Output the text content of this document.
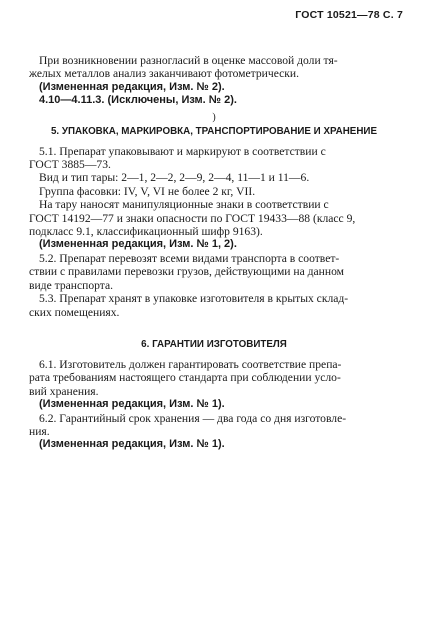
ГОСТ 10521—78 С. 7
При возникновении разногласий в оценке массовой доли тя-
желых металлов анализ заканчивают фотометрически.
(Измененная редакция, Изм. № 2).
4.10—4.11.3. (Исключены, Изм. № 2).
)
5. УПАКОВКА, МАРКИРОВКА, ТРАНСПОРТИРОВАНИЕ И ХРАНЕНИЕ
5.1. Препарат упаковывают и маркируют в соответствии с
ГОСТ 3885—73.
Вид и тип тары: 2—1, 2—2, 2—9, 2—4, 11—1 и 11—6.
Группа фасовки: IV, V, VI не более 2 кг, VII.
На тару наносят манипуляционные знаки в соответствии с
ГОСТ 14192—77 и знаки опасности по ГОСТ 19433—88 (класс 9,
подкласс 9.1, классификационный шифр 9163).
(Измененная редакция, Изм. № 1, 2).
5.2. Препарат перевозят всеми видами транспорта в соответ-
ствии с правилами перевозки грузов, действующими на данном
виде транспорта.
5.3. Препарат хранят в упаковке изготовителя в крытых склад-
ских помещениях.
6. ГАРАНТИИ ИЗГОТОВИТЕЛЯ
6.1. Изготовитель должен гарантировать соответствие препа-
рата требованиям настоящего стандарта при соблюдении усло-
вий хранения.
(Измененная редакция, Изм. № 1).
6.2. Гарантийный срок хранения — два года со дня изготовле-
ния.
(Измененная редакция, Изм. № 1).
